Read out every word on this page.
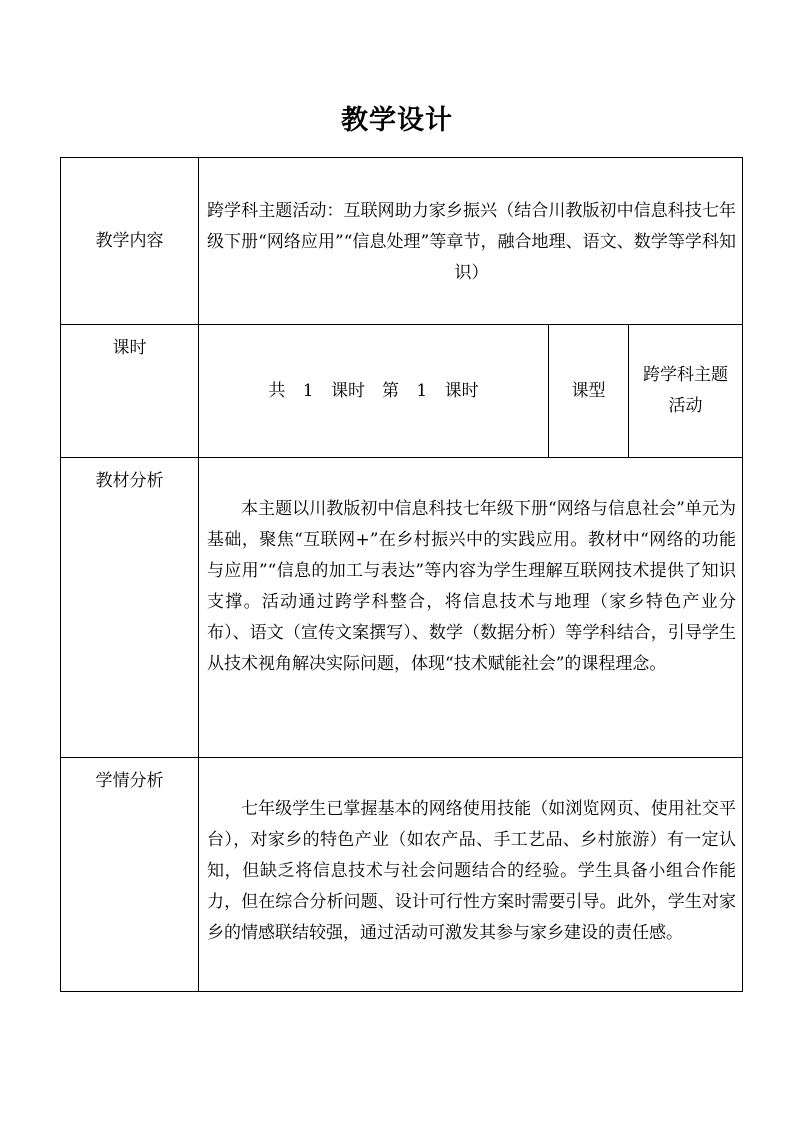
教学设计
教学内容	跨学科主题活动：互联网助力家乡振兴（结合川教版初中信息科技七年级下册“网络应用”“信息处理”等章节，融合地理、语文、数学等学科知识）		
课时	共 1 课时　第 1 课时	课型	跨学科主题活动
教材分析	本主题以川教版初中信息科技七年级下册“网络与信息社会”单元为基础，聚焦“互联网+”在乡村振兴中的实践应用。教材中“网络的功能与应用”“信息的加工与表达”等内容为学生理解互联网技术提供了知识支撑。活动通过跨学科整合，将信息技术与地理（家乡特色产业分布）、语文（宣传文案撰写）、数学（数据分析）等学科结合，引导学生从技术视角解决实际问题，体现“技术赋能社会”的课程理念。		
学情分析	七年级学生已掌握基本的网络使用技能（如浏览网页、使用社交平台），对家乡的特色产业（如农产品、手工艺品、乡村旅游）有一定认知，但缺乏将信息技术与社会问题结合的经验。学生具备小组合作能力，但在综合分析问题、设计可行性方案时需要引导。此外，学生对家乡的情感联结较强，通过活动可激发其参与家乡建设的责任感。		
